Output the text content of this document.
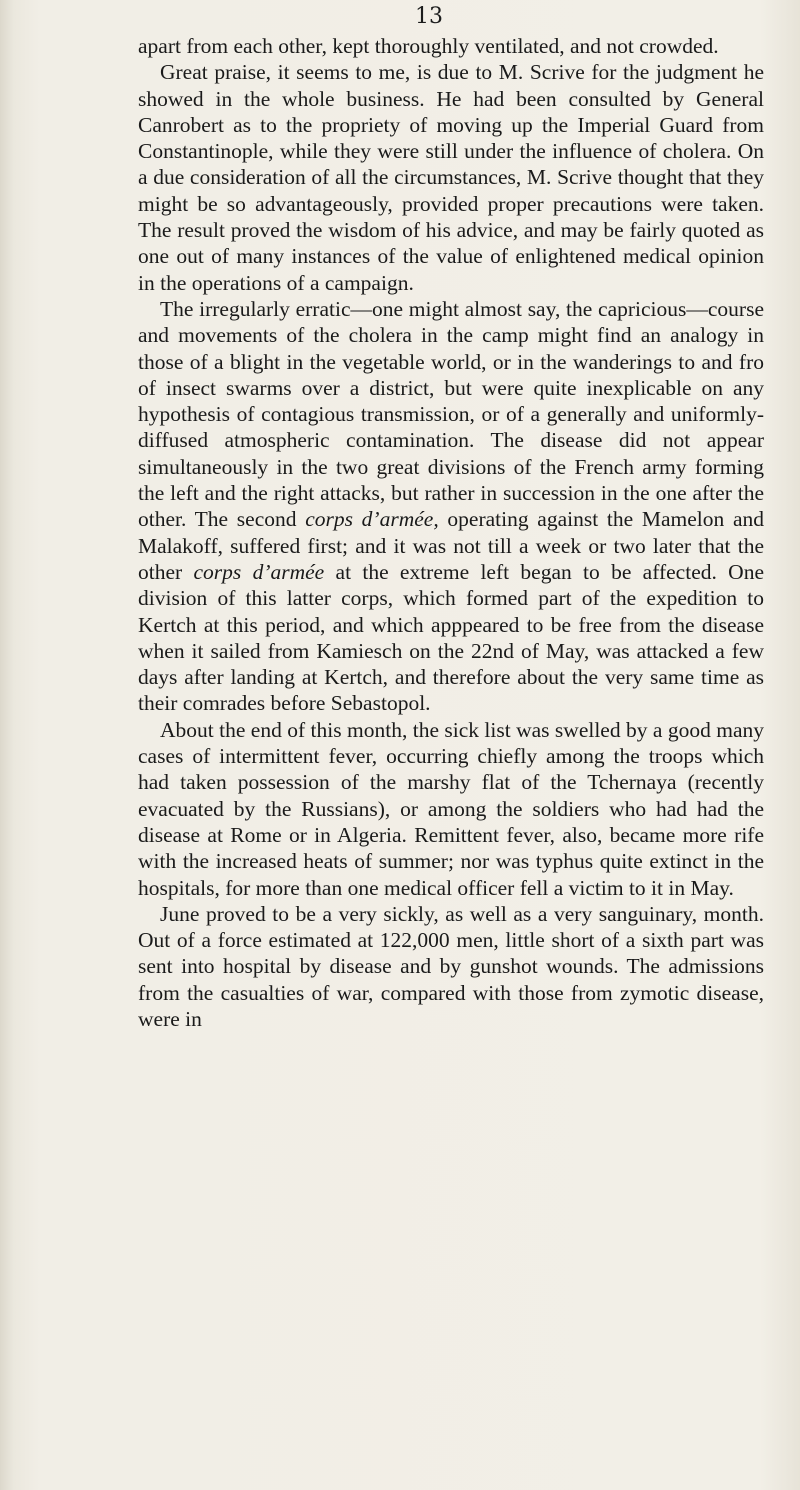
13

apart from each other, kept thoroughly ventilated, and not crowded.

Great praise, it seems to me, is due to M. Scrive for the judgment he showed in the whole business. He had been consulted by General Canrobert as to the propriety of moving up the Imperial Guard from Constantinople, while they were still under the influence of cholera. On a due consideration of all the circumstances, M. Scrive thought that they might be so advantageously, provided proper precautions were taken. The result proved the wisdom of his advice, and may be fairly quoted as one out of many instances of the value of enlightened medical opinion in the operations of a campaign.

The irregularly erratic—one might almost say, the capricious—course and movements of the cholera in the camp might find an analogy in those of a blight in the vegetable world, or in the wanderings to and fro of insect swarms over a district, but were quite inexplicable on any hypothesis of contagious transmission, or of a generally and uniformly-diffused atmospheric contamination. The disease did not appear simultaneously in the two great divisions of the French army forming the left and the right attacks, but rather in succession in the one after the other. The second corps d’armée, operating against the Mamelon and Malakoff, suffered first; and it was not till a week or two later that the other corps d’armée at the extreme left began to be affected. One division of this latter corps, which formed part of the expedition to Kertch at this period, and which apppeared to be free from the disease when it sailed from Kamiesch on the 22nd of May, was attacked a few days after landing at Kertch, and therefore about the very same time as their comrades before Sebastopol.

About the end of this month, the sick list was swelled by a good many cases of intermittent fever, occurring chiefly among the troops which had taken possession of the marshy flat of the Tchernaya (recently evacuated by the Russians), or among the soldiers who had had the disease at Rome or in Algeria. Remittent fever, also, became more rife with the increased heats of summer; nor was typhus quite extinct in the hospitals, for more than one medical officer fell a victim to it in May.

June proved to be a very sickly, as well as a very sanguinary, month. Out of a force estimated at 122,000 men, little short of a sixth part was sent into hospital by disease and by gunshot wounds. The admissions from the casualties of war, compared with those from zymotic disease, were in
